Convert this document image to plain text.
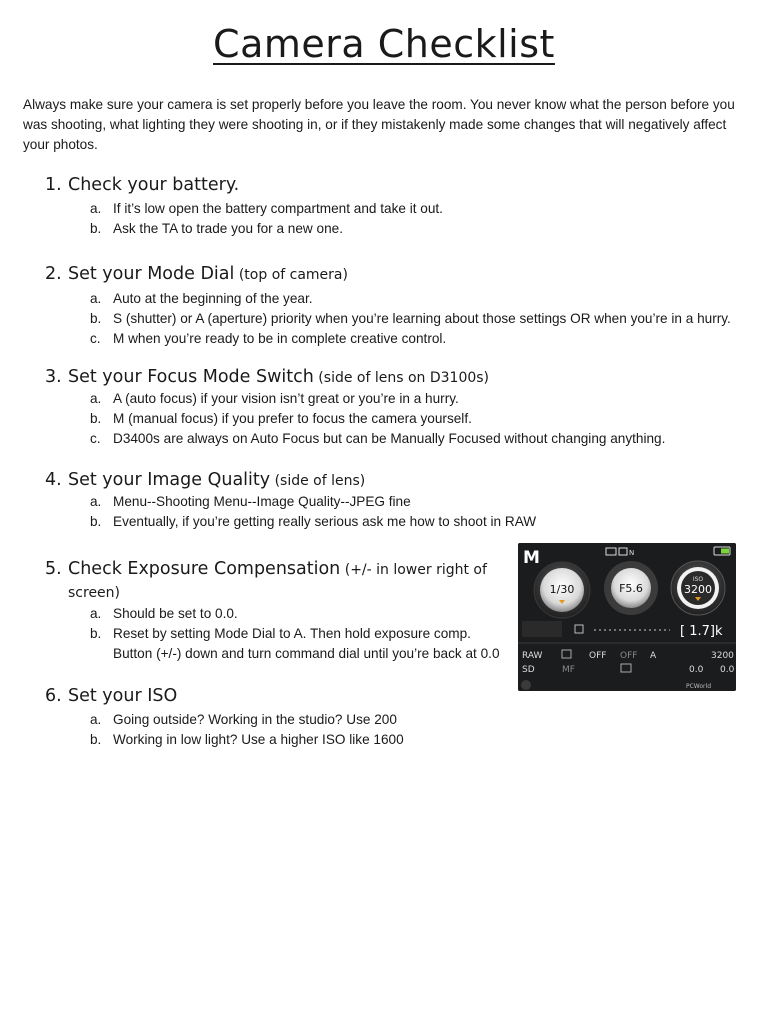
Camera Checklist
Always make sure your camera is set properly before you leave the room. You never know what the person before you was shooting, what lighting they were shooting in, or if they mistakenly made some changes that will negatively affect your photos.
1. Check your battery.
a. If it’s low open the battery compartment and take it out.
b. Ask the TA to trade you for a new one.
2. Set your Mode Dial (top of camera)
a. Auto at the beginning of the year.
b. S (shutter) or A (aperture) priority when you’re learning about those settings OR when you’re in a hurry.
c. M when you’re ready to be in complete creative control.
3. Set your Focus Mode Switch (side of lens on D3100s)
a. A (auto focus) if your vision isn’t great or you’re in a hurry.
b. M (manual focus) if you prefer to focus the camera yourself.
c. D3400s are always on Auto Focus but can be Manually Focused without changing anything.
4. Set your Image Quality (side of lens)
a. Menu--Shooting Menu--Image Quality--JPEG fine
b. Eventually, if you’re getting really serious ask me how to shoot in RAW
5. Check Exposure Compensation (+/- in lower right of screen)
a. Should be set to 0.0.
b. Reset by setting Mode Dial to A. Then hold exposure comp. Button (+/-) down and turn command dial until you’re back at 0.0
6. Set your ISO
a. Going outside? Working in the studio? Use 200
b. Working in low light? Use a higher ISO like 1600
M	N
1/30	F5.6
ISO
3200
[ 1.7]k
RAW	OFF OFF A	3200
SD	MF	0.0 0.0
PCWorld
